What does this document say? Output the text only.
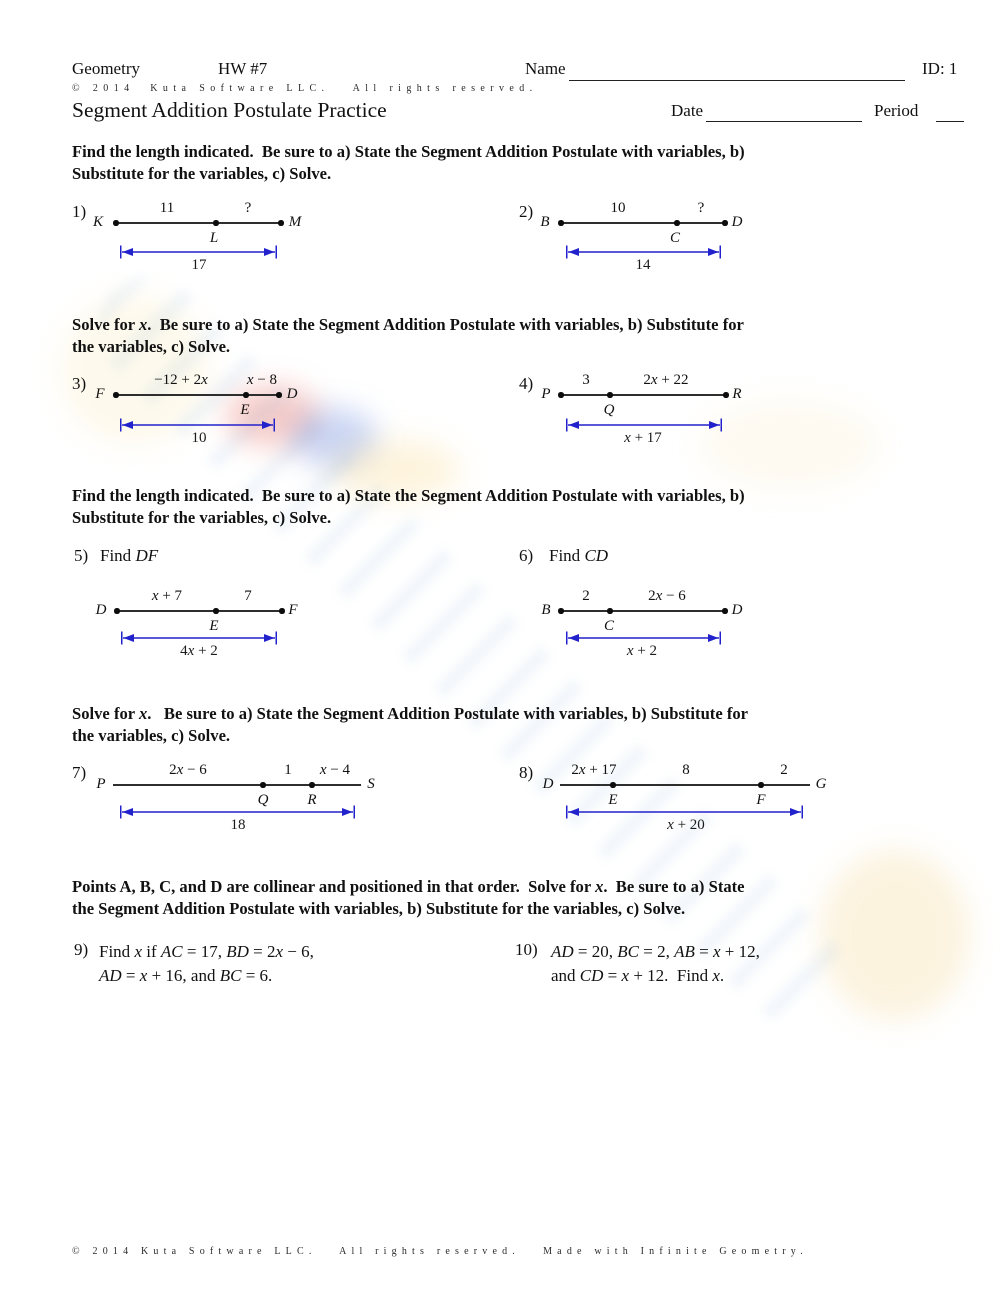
Geometry	HW #7	Name	ID: 1
© 2014  Kuta Software LLC.   All rights reserved.
Segment Addition Postulate Practice	Date	Period
Find the length indicated.  Be sure to a) State the Segment Addition Postulate with variables, b)
Substitute for the variables, c) Solve.
Solve for x.  Be sure to a) State the Segment Addition Postulate with variables, b) Substitute for
the variables, c) Solve.
Find the length indicated.  Be sure to a) State the Segment Addition Postulate with variables, b)
Substitute for the variables, c) Solve.
Solve for x.   Be sure to a) State the Segment Addition Postulate with variables, b) Substitute for
the variables, c) Solve.
Points A, B, C, and D are collinear and positioned in that order.  Solve for x.  Be sure to a) State
the Segment Addition Postulate with variables, b) Substitute for the variables, c) Solve.
5) Find DF	6) Find CD
9) Find x if AC = 17, BD = 2x − 6,
AD = x + 16, and BC = 6.
10) AD = 20, BC = 2, AB = x + 12,
and CD = x + 12.  Find x.
1)
K
L
M
11	?
17
2)
B
C
D
10	?
14
3)
F
E
D
−12 + 2x	x − 8
10
4)
P
Q
R
3	2x + 22
x + 17
D
E
F
x + 7	7
4x + 2
B
C
D
2	2x − 6
x + 2
7)
P
Q	R
S
2x − 6	1 x − 4
18
8)
D
E	F
G
2x + 17	8	2
x + 20
© 2014 Kuta Software LLC.   All rights reserved.   Made with Infinite Geometry.
